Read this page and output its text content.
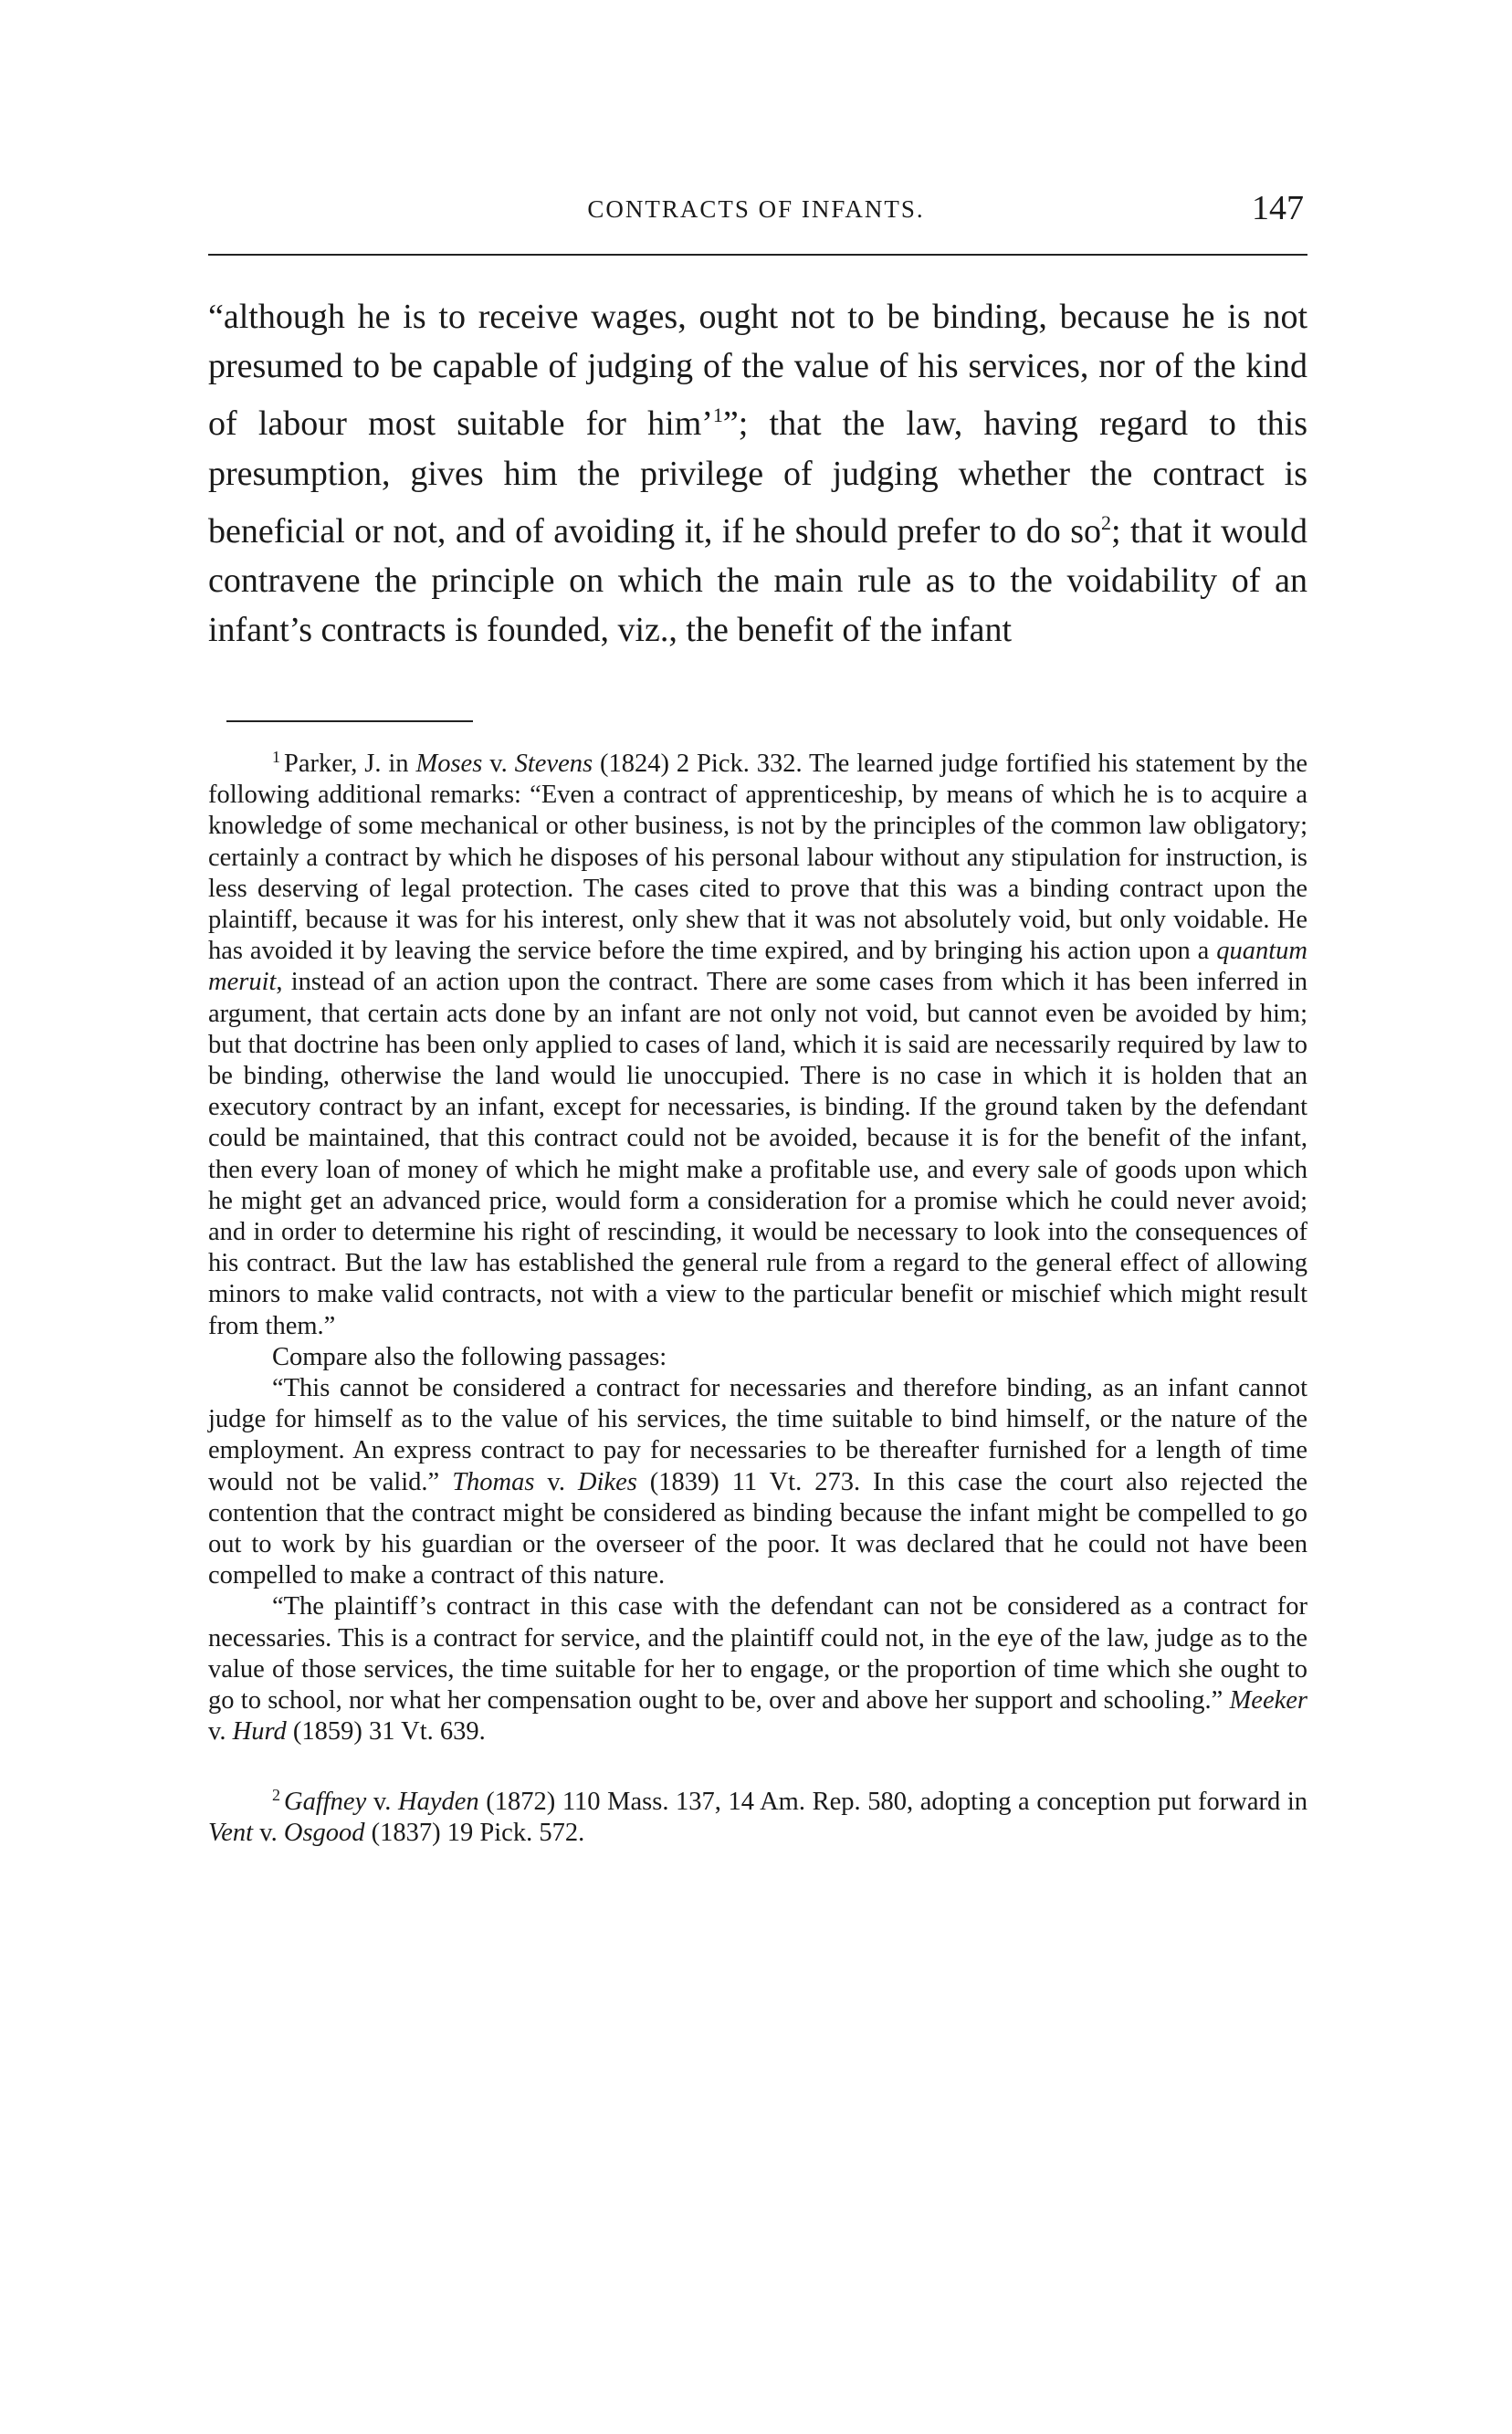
CONTRACTS OF INFANTS.	147

“although he is to receive wages, ought not to be binding, because he is not presumed to be capable of judging of the value of his services, nor of the kind of labour most suitable for him’$^1$”; that the law, having regard to this presumption, gives him the privilege of judging whether the contract is beneficial or not, and of avoiding it, if he should prefer to do $so^2$; that it would contravene the principle on which the main rule as to the voidability of an infant’s contracts is founded, viz., the benefit of the infant

$^1$ Parker, J. in Moses v. Stevens (1824) 2 Pick. 332. The learned judge fortified his statement by the following additional remarks: “Even a contract of apprenticeship, by means of which he is to acquire a knowledge of some mechanical or other business, is not by the principles of the common law obligatory; certainly a contract by which he disposes of his personal labour without any stipulation for instruction, is less deserving of legal protection. The cases cited to prove that this was a binding contract upon the plaintiff, because it was for his interest, only shew that it was not absolutely void, but only voidable. He has avoided it by leaving the service before the time expired, and by bringing his action upon a quantum meruit, instead of an action upon the contract. There are some cases from which it has been inferred in argument, that certain acts done by an infant are not only not void, but cannot even be avoided by him; but that doctrine has been only applied to cases of land, which it is said are necessarily required by law to be binding, otherwise the land would lie unoccupied. There is no case in which it is holden that an executory contract by an infant, except for necessaries, is binding. If the ground taken by the defendant could be maintained, that this contract could not be avoided, because it is for the benefit of the infant, then every loan of money of which he might make a profitable use, and every sale of goods upon which he might get an advanced price, would form a consideration for a promise which he could never avoid; and in order to determine his right of rescinding, it would be necessary to look into the consequences of his contract. But the law has established the general rule from a regard to the general effect of allowing minors to make valid contracts, not with a view to the particular benefit or mischief which might result from them.”

Compare also the following passages:

“This cannot be considered a contract for necessaries and therefore binding, as an infant cannot judge for himself as to the value of his services, the time suitable to bind himself, or the nature of the employment. An express contract to pay for necessaries to be thereafter furnished for a length of time would not be valid.” Thomas v. Dikes (1839) 11 Vt. 273. In this case the court also rejected the contention that the contract might be considered as binding because the infant might be compelled to go out to work by his guardian or the overseer of the poor. It was declared that he could not have been compelled to make a contract of this nature.

“The plaintiff’s contract in this case with the defendant can not be considered as a contract for necessaries. This is a contract for service, and the plaintiff could not, in the eye of the law, judge as to the value of those services, the time suitable for her to engage, or the proportion of time which she ought to go to school, nor what her compensation ought to be, over and above her support and schooling.” Meeker v. Hurd (1859) 31 Vt. 639.

$^2$ Gaffney v. Hayden (1872) 110 Mass. 137, 14 Am. Rep. 580, adopting a conception put forward in Vent v. Osgood (1837) 19 Pick. 572.
